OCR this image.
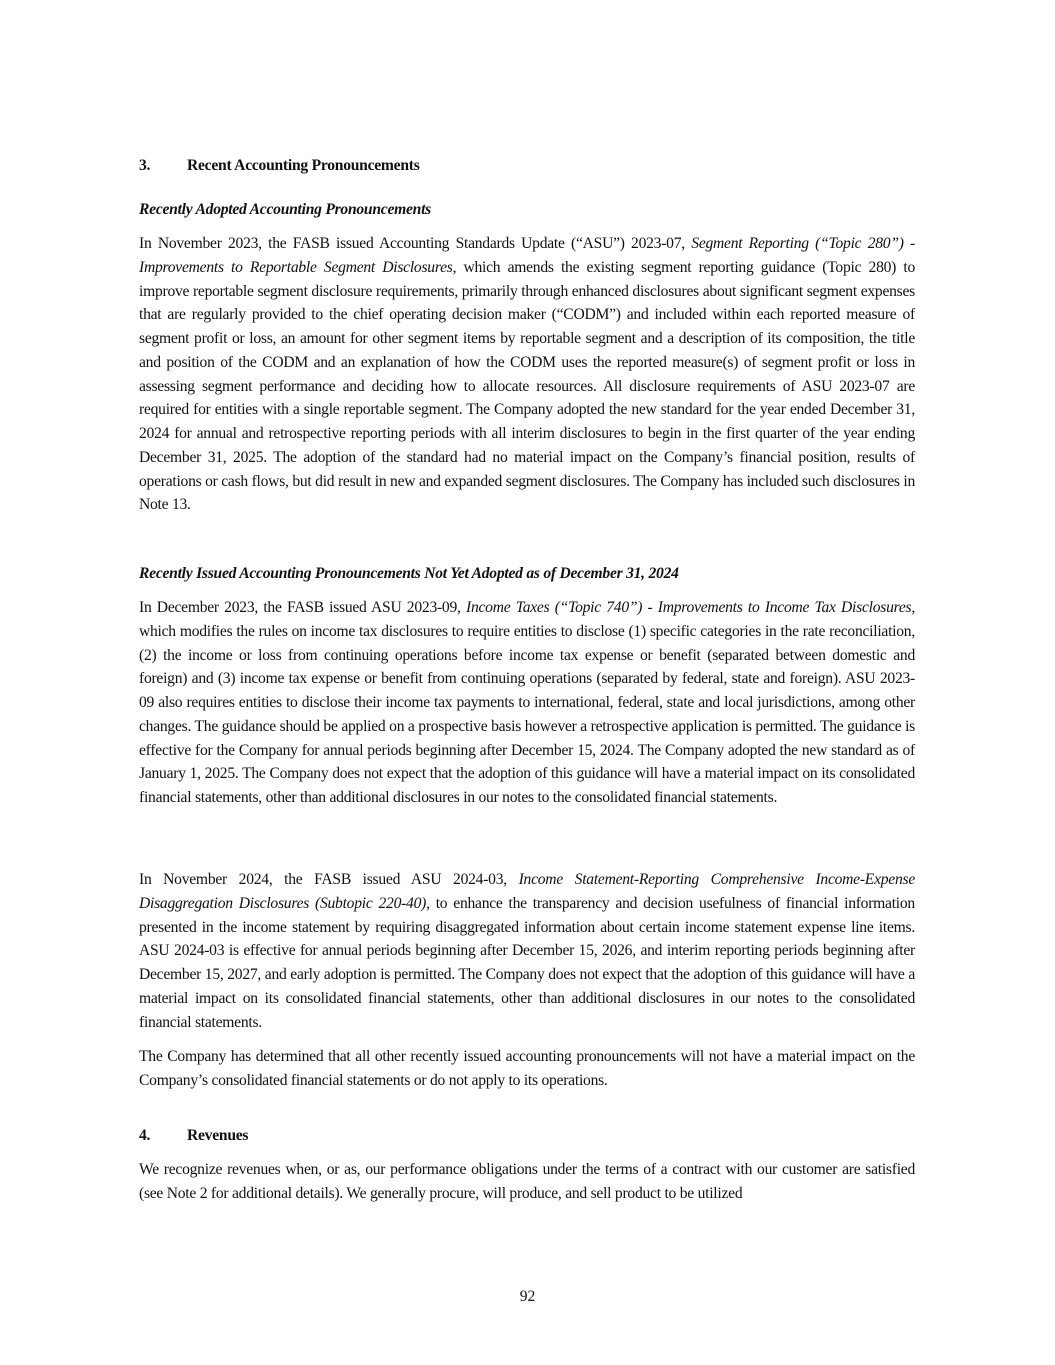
3. Recent Accounting Pronouncements
Recently Adopted Accounting Pronouncements
In November 2023, the FASB issued Accounting Standards Update (“ASU”) 2023-07, Segment Reporting (“Topic 280”) - Improvements to Reportable Segment Disclosures, which amends the existing segment reporting guidance (Topic 280) to improve reportable segment disclosure requirements, primarily through enhanced disclosures about significant segment expenses that are regularly provided to the chief operating decision maker (“CODM”) and included within each reported measure of segment profit or loss, an amount for other segment items by reportable segment and a description of its composition, the title and position of the CODM and an explanation of how the CODM uses the reported measure(s) of segment profit or loss in assessing segment performance and deciding how to allocate resources. All disclosure requirements of ASU 2023-07 are required for entities with a single reportable segment. The Company adopted the new standard for the year ended December 31, 2024 for annual and retrospective reporting periods with all interim disclosures to begin in the first quarter of the year ending December 31, 2025. The adoption of the standard had no material impact on the Company’s financial position, results of operations or cash flows, but did result in new and expanded segment disclosures. The Company has included such disclosures in Note 13.
Recently Issued Accounting Pronouncements Not Yet Adopted as of December 31, 2024
In December 2023, the FASB issued ASU 2023-09, Income Taxes (“Topic 740”) - Improvements to Income Tax Disclosures, which modifies the rules on income tax disclosures to require entities to disclose (1) specific categories in the rate reconciliation, (2) the income or loss from continuing operations before income tax expense or benefit (separated between domestic and foreign) and (3) income tax expense or benefit from continuing operations (separated by federal, state and foreign). ASU 2023-09 also requires entities to disclose their income tax payments to international, federal, state and local jurisdictions, among other changes. The guidance should be applied on a prospective basis however a retrospective application is permitted. The guidance is effective for the Company for annual periods beginning after December 15, 2024. The Company adopted the new standard as of January 1, 2025. The Company does not expect that the adoption of this guidance will have a material impact on its consolidated financial statements, other than additional disclosures in our notes to the consolidated financial statements.
In November 2024, the FASB issued ASU 2024-03, Income Statement-Reporting Comprehensive Income-Expense Disaggregation Disclosures (Subtopic 220-40), to enhance the transparency and decision usefulness of financial information presented in the income statement by requiring disaggregated information about certain income statement expense line items. ASU 2024-03 is effective for annual periods beginning after December 15, 2026, and interim reporting periods beginning after December 15, 2027, and early adoption is permitted. The Company does not expect that the adoption of this guidance will have a material impact on its consolidated financial statements, other than additional disclosures in our notes to the consolidated financial statements.
The Company has determined that all other recently issued accounting pronouncements will not have a material impact on the Company’s consolidated financial statements or do not apply to its operations.
4. Revenues
We recognize revenues when, or as, our performance obligations under the terms of a contract with our customer are satisfied (see Note 2 for additional details). We generally procure, will produce, and sell product to be utilized
92
